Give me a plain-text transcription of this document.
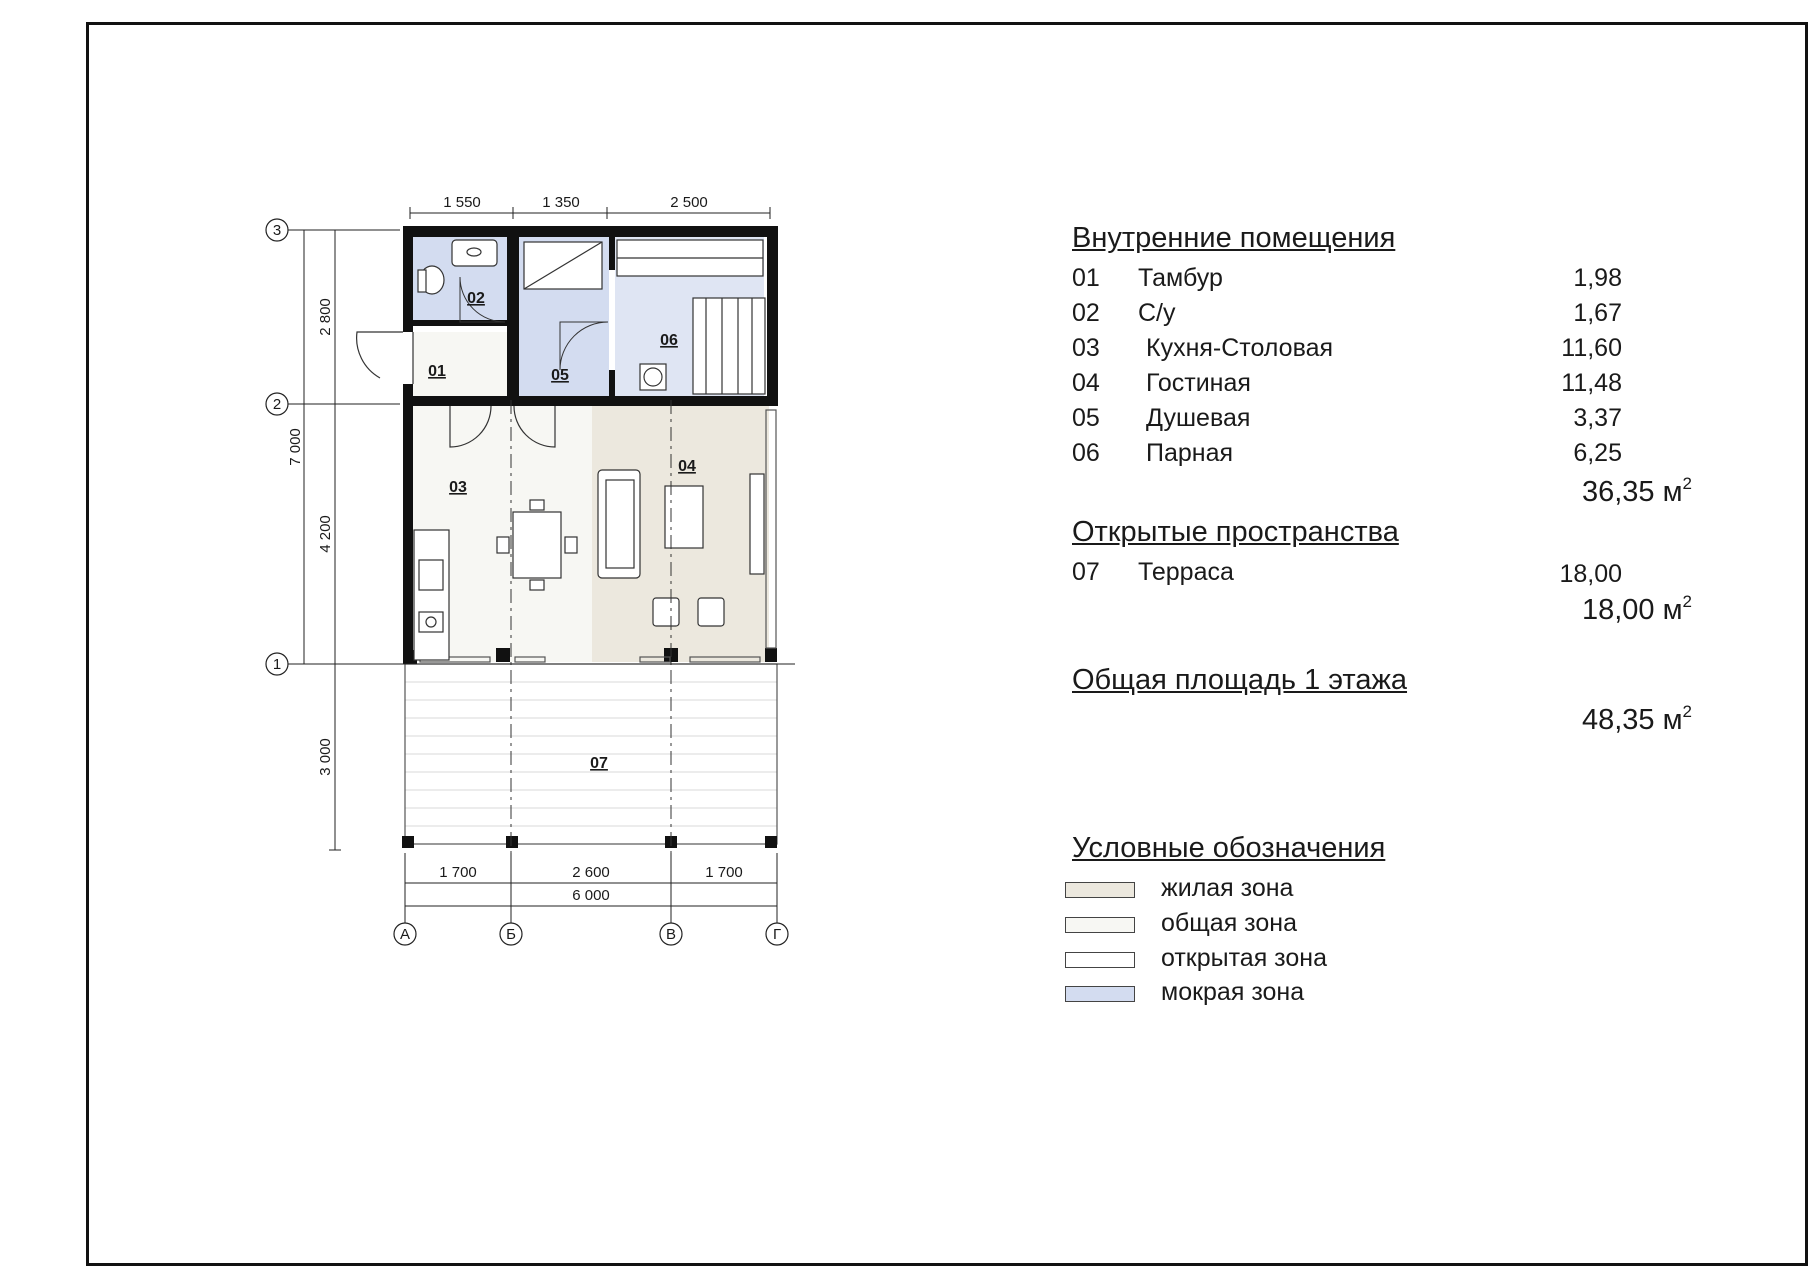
1 550	1 350	2 500
1 700	2 600	1 700
6 000
2 800
4 200
3 000
7 000
3
2
1
А	Б	В	Г
01
02
03
04
05
06
07
Внутренние помещения
01 Тамбур	1,98
02 С/у	1,67
03 Кухня-Столовая	11,60
04 Гостиная	11,48
05 Душевая	3,37
06 Парная	6,25
36,35 $м^2$
Открытые пространства
07 Терраса	18,00
18,00 $м^2$
Общая площадь 1 этажа
48,35 $м^2$
Условные обозначения
жилая зона
общая зона
открытая зона
мокрая зона
